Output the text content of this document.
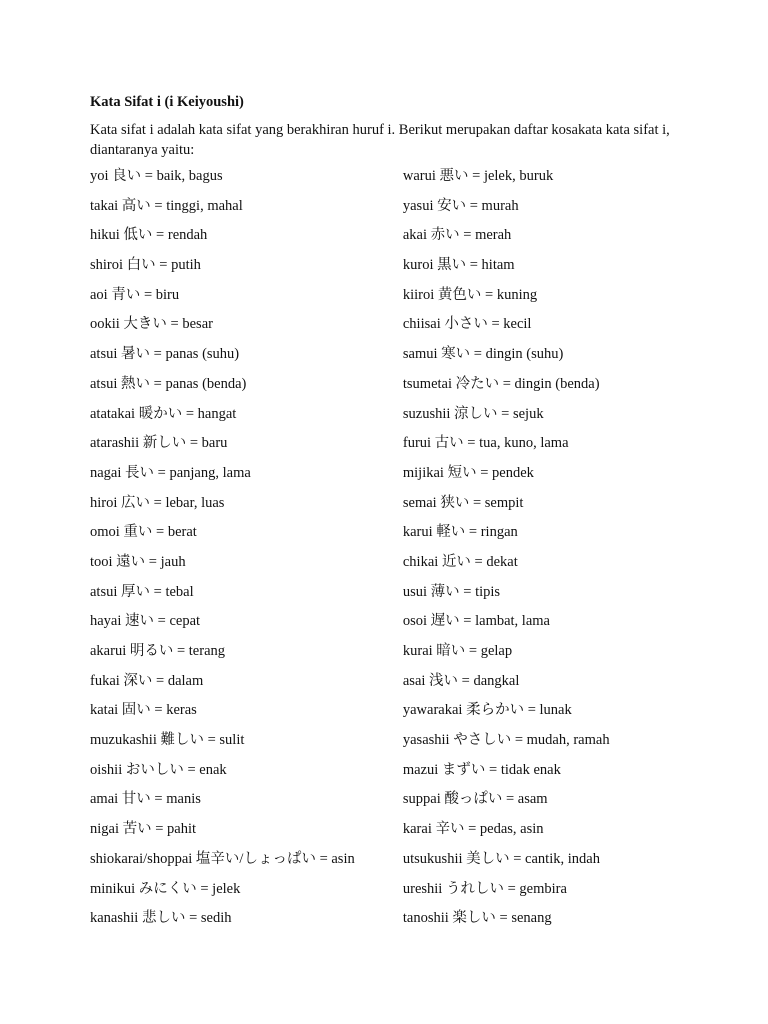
Kata Sifat i (i Keiyoushi)
Kata sifat i adalah kata sifat yang berakhiran huruf i. Berikut merupakan daftar kosakata kata sifat i, diantaranya yaitu:
yoi 良い = baik, bagus	warui 悪い = jelek, buruk
takai 高い = tinggi, mahal	yasui 安い = murah
hikui 低い = rendah	akai 赤い = merah
shiroi 白い = putih	kuroi 黒い = hitam
aoi 青い = biru	kiiroi 黄色い = kuning
ookii 大きい = besar	chiisai 小さい = kecil
atsui 暑い = panas (suhu)	samui 寒い = dingin (suhu)
atsui 熱い = panas (benda)	tsumetai 冷たい = dingin (benda)
atatakai 暖かい = hangat	suzushii 涼しい = sejuk
atarashii 新しい = baru	furui 古い = tua, kuno, lama
nagai 長い = panjang, lama	mijikai 短い = pendek
hiroi 広い = lebar, luas	semai 狭い = sempit
omoi 重い = berat	karui 軽い = ringan
tooi 遠い = jauh	chikai 近い = dekat
atsui 厚い = tebal	usui 薄い = tipis
hayai 速い = cepat	osoi 遅い = lambat, lama
akarui 明るい = terang	kurai 暗い = gelap
fukai 深い = dalam	asai 浅い = dangkal
katai 固い = keras	yawarakai 柔らかい = lunak
muzukashii 難しい = sulit	yasashii やさしい = mudah, ramah
oishii おいしい = enak	mazui まずい = tidak enak
amai 甘い = manis	suppai 酸っぱい = asam
nigai 苦い = pahit	karai 辛い = pedas, asin
shiokarai/shoppai 塩辛い/しょっぱい = asin	utsukushii 美しい = cantik, indah
minikui みにくい = jelek	ureshii うれしい = gembira
kanashii 悲しい = sedih	tanoshii 楽しい = senang
